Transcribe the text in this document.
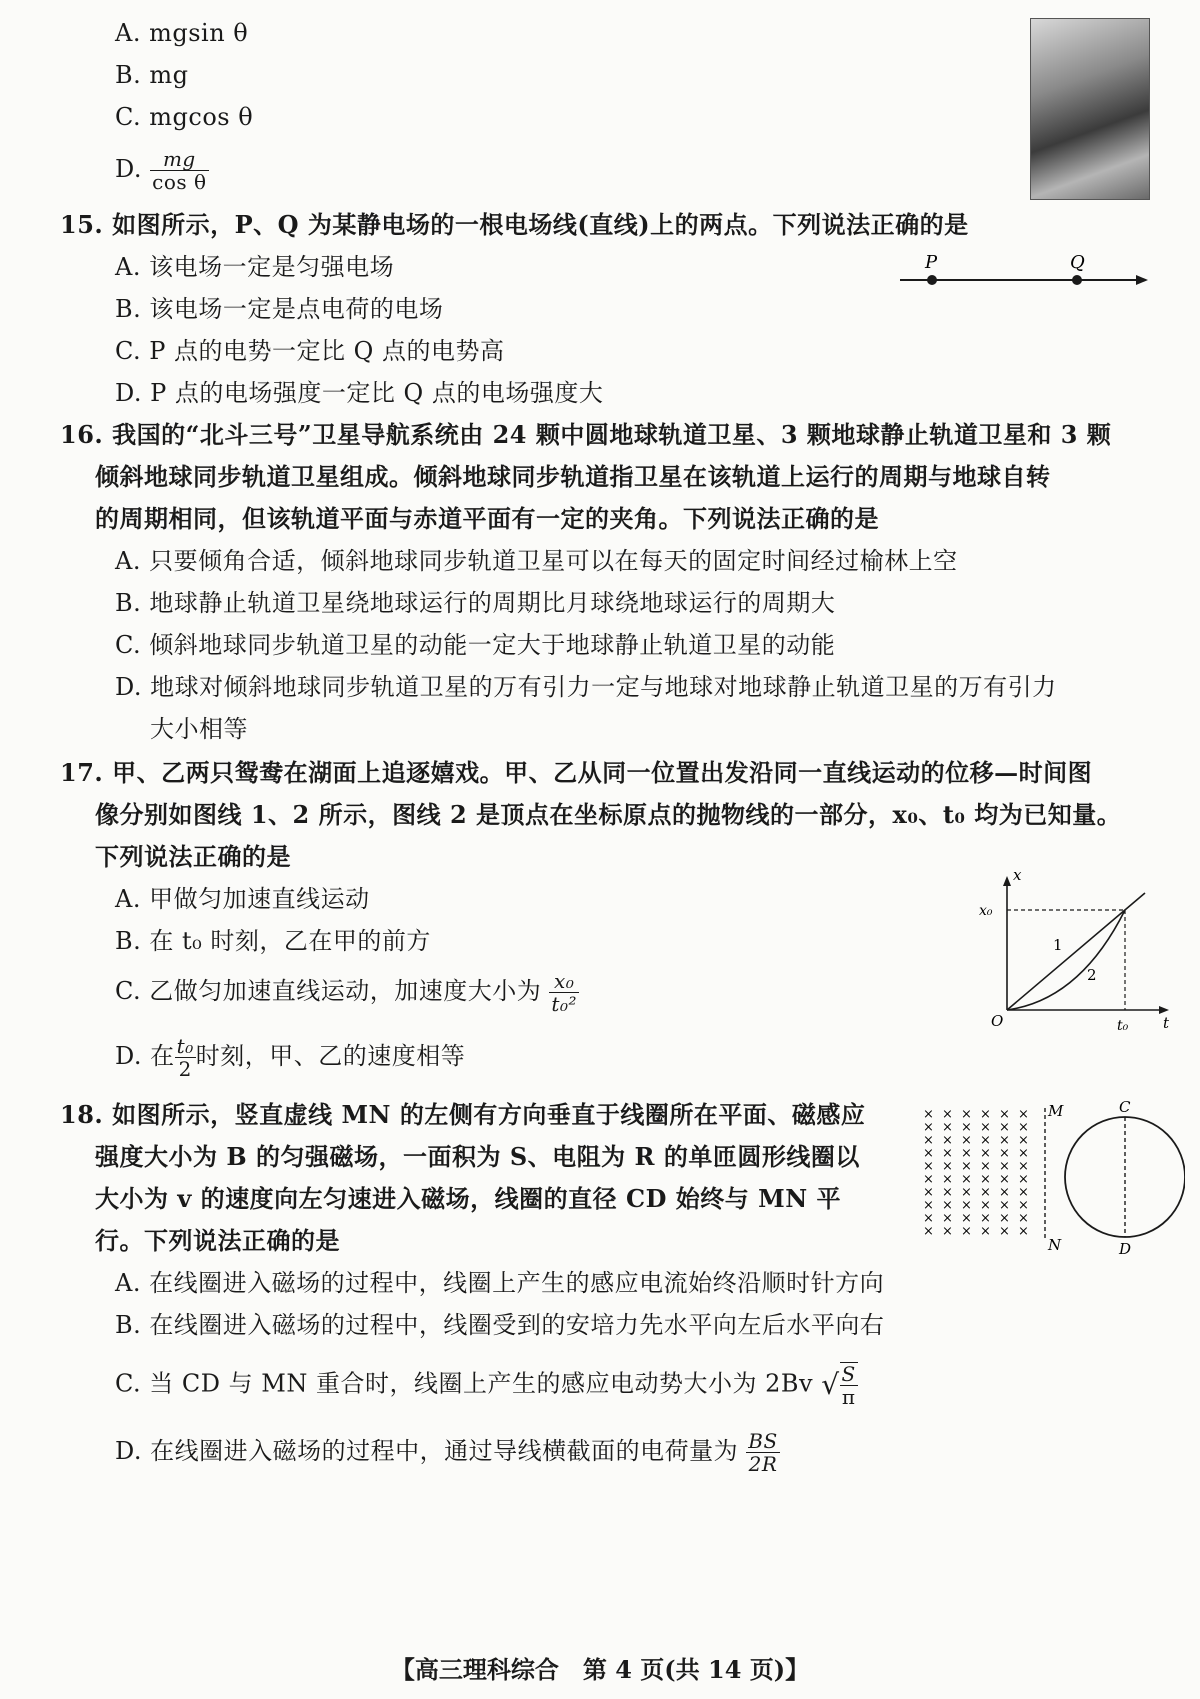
A. mgsin θ
B. mg
C. mgcos θ
D. $\frac{mg}{\text{cos θ}}$
15. 如图所示，P、Q 为某静电场的一根电场线(直线)上的两点。下列说法正确的是
A. 该电场一定是匀强电场
B. 该电场一定是点电荷的电场
C. P 点的电势一定比 Q 点的电势高
D. P 点的电场强度一定比 Q 点的电场强度大
P	Q
16. 我国的“北斗三号”卫星导航系统由 24 颗中圆地球轨道卫星、3 颗地球静止轨道卫星和 3 颗
倾斜地球同步轨道卫星组成。倾斜地球同步轨道指卫星在该轨道上运行的周期与地球自转
的周期相同，但该轨道平面与赤道平面有一定的夹角。下列说法正确的是
A. 只要倾角合适，倾斜地球同步轨道卫星可以在每天的固定时间经过榆林上空
B. 地球静止轨道卫星绕地球运行的周期比月球绕地球运行的周期大
C. 倾斜地球同步轨道卫星的动能一定大于地球静止轨道卫星的动能
D. 地球对倾斜地球同步轨道卫星的万有引力一定与地球对地球静止轨道卫星的万有引力
大小相等
17. 甲、乙两只鸳鸯在湖面上追逐嬉戏。甲、乙从同一位置出发沿同一直线运动的位移—时间图
像分别如图线 1、2 所示，图线 2 是顶点在坐标原点的抛物线的一部分，x₀、t₀ 均为已知量。
下列说法正确的是
A. 甲做匀加速直线运动
B. 在 t₀ 时刻，乙在甲的前方
C. 乙做匀加速直线运动，加速度大小为 $\frac{\text{x₀}}{\text{t₀²}}$
D. 在 $\frac{\text{t₀}}{2}$ 时刻，甲、乙的速度相等
x
t
x₀
t₀
O
1
2
18. 如图所示，竖直虚线 MN 的左侧有方向垂直于线圈所在平面、磁感应
强度大小为 B 的匀强磁场，一面积为 S、电阻为 R 的单匝圆形线圈以
大小为 v 的速度向左匀速进入磁场，线圈的直径 CD 始终与 MN 平
行。下列说法正确的是
A. 在线圈进入磁场的过程中，线圈上产生的感应电流始终沿顺时针方向
B. 在线圈进入磁场的过程中，线圈受到的安培力先水平向左后水平向右
C. 当 CD 与 MN 重合时，线圈上产生的感应电动势大小为 2Bv √ $\frac{S}{\pi}$
D. 在线圈进入磁场的过程中，通过导线横截面的电荷量为 $\frac{BS}{2R}$
×
×
×
×
×
×
×
×
×
×
×
×
×
×
×
×
×
×
×
×
×
×
×
×
×
×
×
×
×
×
×
×
×
×
×
×
×
×
×
×
×
×
×
×
×
×
×
×
×
×
×
×
×
×
×
×
×
×
×
×
M
N
C
D
【高三理科综合　第 4 页(共 14 页)】
